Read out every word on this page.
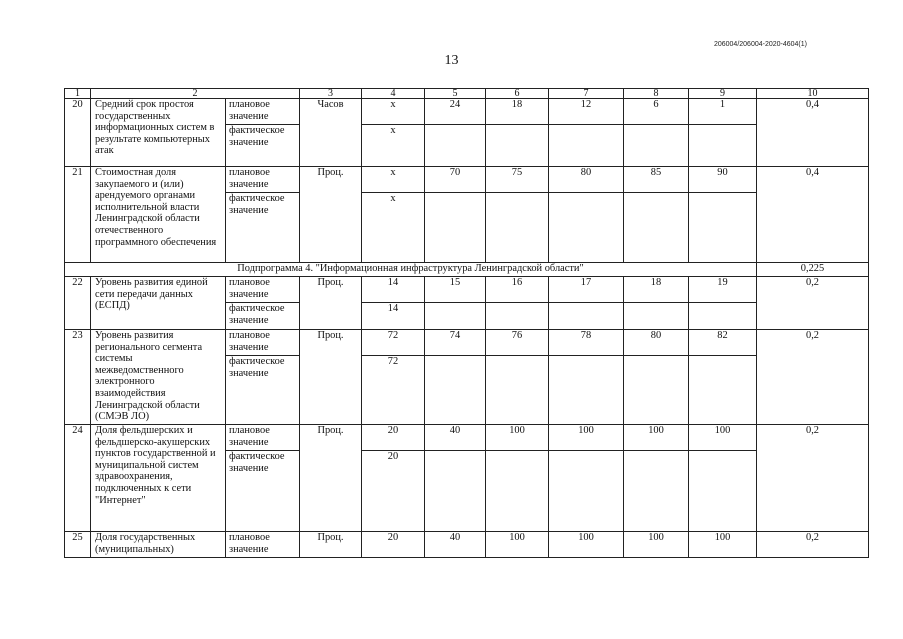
206004/206004-2020-4604(1)
13
1	2		3	4	5	6	7	8	9	10
20	Средний срок простоя государственных информационных систем в результате компьютерных атак	плановое значение	Часов	х	24	18	12	6	1	0,4
		фактическое значение		х						
21	Стоимостная доля закупаемого и (или) арендуемого органами исполнительной власти Ленинградской области отечественного программного обеспечения	плановое значение	Проц.	х	70	75	80	85	90	0,4
		фактическое значение		х						
Подпрограмма 4. "Информационная инфраструктура Ленинградской области"										0,225
22	Уровень развития единой сети передачи данных (ЕСПД)	плановое значение	Проц.	14	15	16	17	18	19	0,2
		фактическое значение		14						
23	Уровень развития регионального сегмента системы межведомственного электронного взаимодействия Ленинградской области (СМЭВ ЛО)	плановое значение	Проц.	72	74	76	78	80	82	0,2
		фактическое значение		72						
24	Доля фельдшерских и фельдшерско-акушерских пунктов государственной и муниципальной систем здравоохранения, подключенных к сети "Интернет"	плановое значение	Проц.	20	40	100	100	100	100	0,2
		фактическое значение		20						
25	Доля государственных (муниципальных)	плановое значение	Проц.	20	40	100	100	100	100	0,2
